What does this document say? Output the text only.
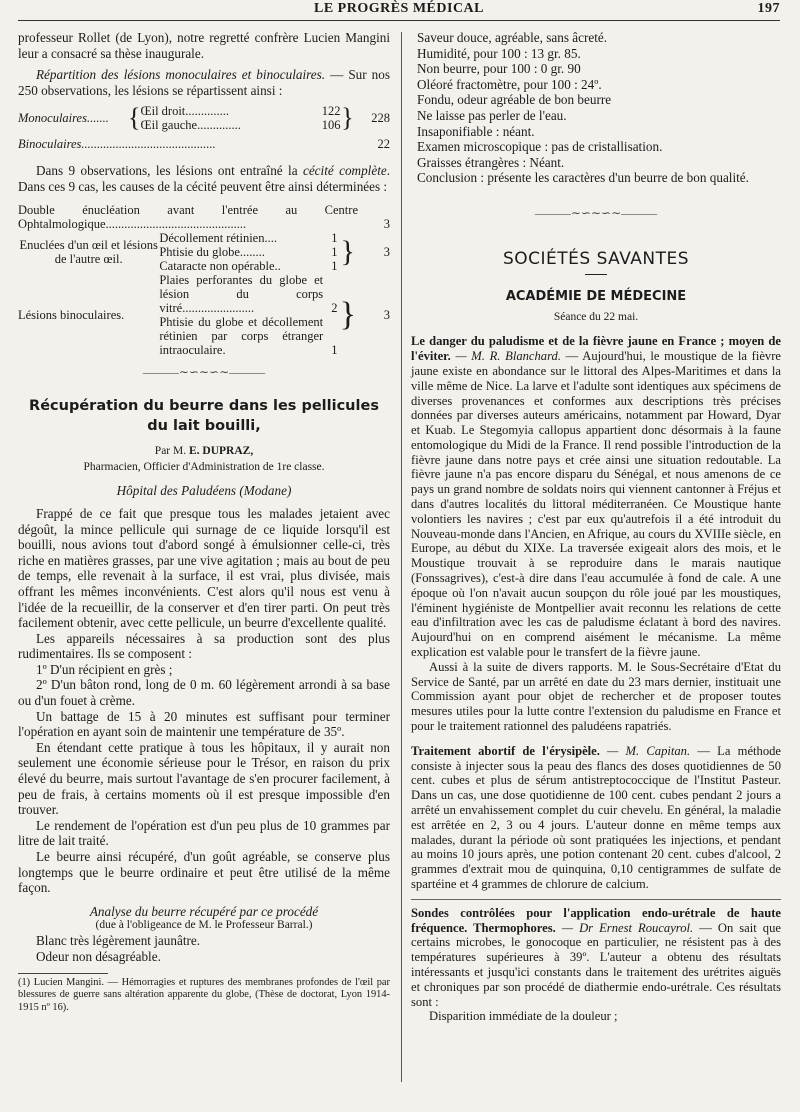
LE PROGRÈS MÉDICAL	197

professeur Rollet (de Lyon), notre regretté confrère Lucien Mangini leur a consacré sa thèse inaugurale.

Répartition des lésions monoculaires et binoculaires. — Sur nos 250 observations, les lésions se répartissent ainsi :

Monoculaires.......	{	Œil droit..............	122	}	228
		Œil gauche..............	106		
Binoculaires...........................................					22

Dans 9 observations, les lésions ont entraîné la cécité complète. Dans ces 9 cas, les causes de la cécité peuvent être ainsi déterminées :

Double énucléation avant l'entrée au Centre Ophtalmologique.............................................				3
Enuclées d'un œil et lésions de l'autre œil.	Décollement rétinien....	1	}	3
	Phtisie du globe........	1		
	Cataracte non opérable..	1		
Lésions binoculaires.	Plaies perforantes du globe et lésion du corps vitré.......................	2	}	3
	Phtisie du globe et décollement rétinien par corps étranger intraoculaire.	1		
———∼∽∼∽∼———

Récupération du beurre dans les pellicules du lait bouilli,

Par M. E. DUPRAZ,

Pharmacien, Officier d'Administration de 1re classe.

Hôpital des Paludéens (Modane)

Frappé de ce fait que presque tous les malades jetaient avec dégoût, la mince pellicule qui surnage de ce liquide lorsqu'il est bouilli, nous avions tout d'abord songé à émulsionner celle-ci, très riche en matières grasses, par une vive agitation ; mais au bout de peu de temps, elle revenait à la surface, il est vrai, plus divisée, mais offrant les mêmes inconvénients. C'est alors qu'il nous est venu à l'idée de la recueillir, de la conserver et d'en tirer parti. On peut très facilement obtenir, avec cette pellicule, un beurre d'excellente qualité.

Les appareils nécessaires à sa production sont des plus rudimentaires. Ils se composent :

1º D'un récipient en grès ;

2º D'un bâton rond, long de 0 m. 60 légèrement arrondi à sa base ou d'un fouet à crème.

Un battage de 15 à 20 minutes est suffisant pour terminer l'opération en ayant soin de maintenir une température de 35º.

En étendant cette pratique à tous les hôpitaux, il y aurait non seulement une économie sérieuse pour le Trésor, en raison du prix élevé du beurre, mais surtout l'avantage de s'en procurer facilement, à peu de frais, à certains moments où il est presque impossible d'en trouver.

Le rendement de l'opération est d'un peu plus de 10 grammes par litre de lait traité.

Le beurre ainsi récupéré, d'un goût agréable, se conserve plus longtemps que le beurre ordinaire et peut être utilisé de la même façon.

Analyse du beurre récupéré par ce procédé

(due à l'obligeance de M. le Professeur Barral.)

Blanc très légèrement jaunâtre.

Odeur non désagréable.

(1) Lucien Mangini. — Hémorragies et ruptures des membranes profondes de l'œil par blessures de guerre sans altération apparente du globe, (Thèse de doctorat, Lyon 1914-1915 nº 16).

Saveur douce, agréable, sans âcreté.

Humidité, pour 100 : 13 gr. 85.

Non beurre, pour 100 : 0 gr. 90

Oléoré fractomètre, pour 100 : 24º.

Fondu, odeur agréable de bon beurre

Ne laisse pas perler de l'eau.

Insaponifiable : néant.

Examen microscopique : pas de cristallisation.

Graisses étrangères : Néant.

Conclusion : présente les caractères d'un beurre de bon qualité.

———∼∽∼∽∼———

SOCIÉTÉS SAVANTES

ACADÉMIE DE MÉDECINE

Séance du 22 mai.

Le danger du paludisme et de la fièvre jaune en France ; moyen de l'éviter. — M. R. Blanchard. — Aujourd'hui, le moustique de la fièvre jaune existe en abondance sur le littoral des Alpes-Maritimes et dans la ville même de Nice. La larve et l'adulte sont identiques aux spécimens de diverses provenances et conformes aux descriptions très précises données par diverses auteurs américains, notamment par Howard, Dyar et Kuab. Le Stegomyia callopus appartient donc désormais à la faune entomologique du Midi de la France. Il rend possible l'introduction de la fièvre jaune dans notre pays et crée ainsi une situation redoutable. La fièvre jaune n'a pas encore disparu du Sénégal, et nous amenons de ce pays un grand nombre de soldats noirs qui viennent cantonner à Fréjus et dans d'autres localités du littoral méditerranéen. Ce Moustique hante volontiers les navires ; c'est par eux qu'autrefois il a été introduit du Nouveau-monde dans l'Ancien, en Afrique, au cours du XVIIIe siècle, en Europe, au début du XIXe. La traversée exigeait alors des mois, et le Moustique trouvait à se reproduire dans le marais nautique (Fonssagrives), c'est-à dire dans l'eau accumulée à fond de cale. A une époque où l'on n'avait aucun soupçon du rôle joué par les moustiques, l'éminent hygiéniste de Montpellier avait reconnu les relations de cette eau d'infiltration avec les cas de paludisme éclatant à bord des navires. Aujourd'hui on en comprend aisément le mécanisme. La même explication est valable pour le transfert de la fièvre jaune.

Aussi à la suite de divers rapports. M. le Sous-Secrétaire d'Etat du Service de Santé, par un arrêté en date du 23 mars dernier, instituait une Commission ayant pour objet de rechercher et de proposer toutes mesures utiles pour la lutte contre l'extension du paludisme en France et pour le traitement rationnel des paludéens rapatriés.

Traitement abortif de l'érysipèle. — M. Capitan. — La méthode consiste à injecter sous la peau des flancs des doses quotidiennes de 50 cent. cubes et plus de sérum antistreptococcique de l'Institut Pasteur. Dans un cas, une dose quotidienne de 100 cent. cubes pendant 2 jours a arrêté un envahissement complet du cuir chevelu. En général, la maladie est arrêtée en 2, 3 ou 4 jours. L'auteur donne en même temps aux malades, durant la période où sont pratiquées les injections, et pendant au moins 10 jours après, une potion contenant 20 cent. cubes d'alcool, 2 grammes d'extrait mou de quinquina, 0,10 centigrammes de sulfate de spartéine et 4 grammes de chlorure de calcium.

Sondes contrôlées pour l'application endo-urétrale de haute fréquence. Thermophores. — Dr Ernest Roucayrol. — On sait que certains microbes, le gonocoque en particulier, ne résistent pas à des températures supérieures à 39º. L'auteur a obtenu des résultats intéressants et jusqu'ici constants dans le traitement des urétrites aiguës et chroniques par son procédé de diathermie endo-urétrale. Ces résultats sont :

Disparition immédiate de la douleur ;
